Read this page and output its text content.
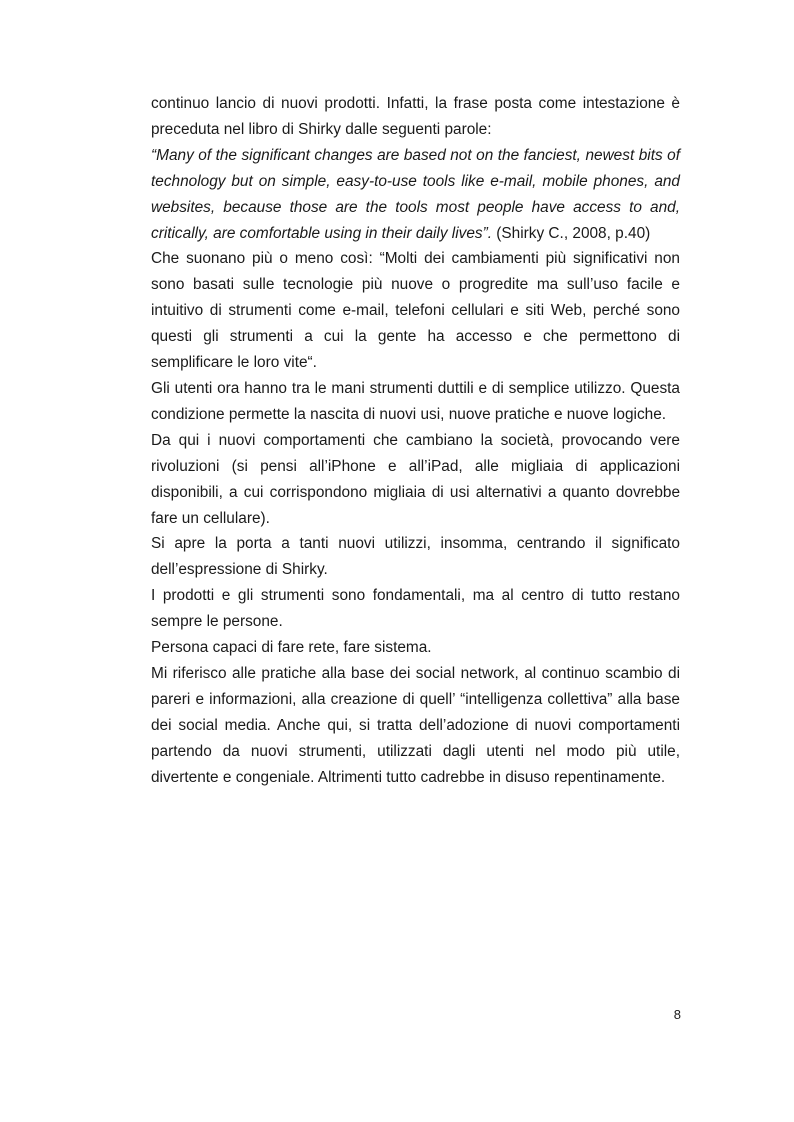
continuo lancio di nuovi prodotti. Infatti, la frase posta come intestazione è preceduta nel libro di Shirky dalle seguenti parole:

“Many of the significant changes are based not on the fanciest, newest bits of technology but on simple, easy-to-use tools like e-mail, mobile phones, and websites, because those are the tools most people have access to and, critically, are comfortable using in their daily lives”. (Shirky C., 2008, p.40)

Che suonano più o meno così: “Molti dei cambiamenti più significativi non sono basati sulle tecnologie più nuove o progredite ma sull’uso facile e intuitivo di strumenti come e-mail, telefoni cellulari e siti Web, perché sono questi gli strumenti a cui la gente ha accesso e che permettono di semplificare le loro vite“.

Gli utenti ora hanno tra le mani strumenti duttili e di semplice utilizzo. Questa condizione permette la nascita di nuovi usi, nuove pratiche e nuove logiche.

Da qui i nuovi comportamenti che cambiano la società, provocando vere rivoluzioni (si pensi all’iPhone e all’iPad, alle migliaia di applicazioni disponibili, a cui corrispondono migliaia di usi alternativi a quanto dovrebbe fare un cellulare).

Si apre la porta a tanti nuovi utilizzi, insomma, centrando il significato dell’espressione di Shirky.

I prodotti e gli strumenti sono fondamentali, ma al centro di tutto restano sempre le persone.

Persona capaci di fare rete, fare sistema.

Mi riferisco alle pratiche alla base dei social network, al continuo scambio di pareri e informazioni, alla creazione di quell’ “intelligenza collettiva” alla base dei social media. Anche qui, si tratta dell’adozione di nuovi comportamenti partendo da nuovi strumenti, utilizzati dagli utenti nel modo più utile, divertente e congeniale. Altrimenti tutto cadrebbe in disuso repentinamente.

8
